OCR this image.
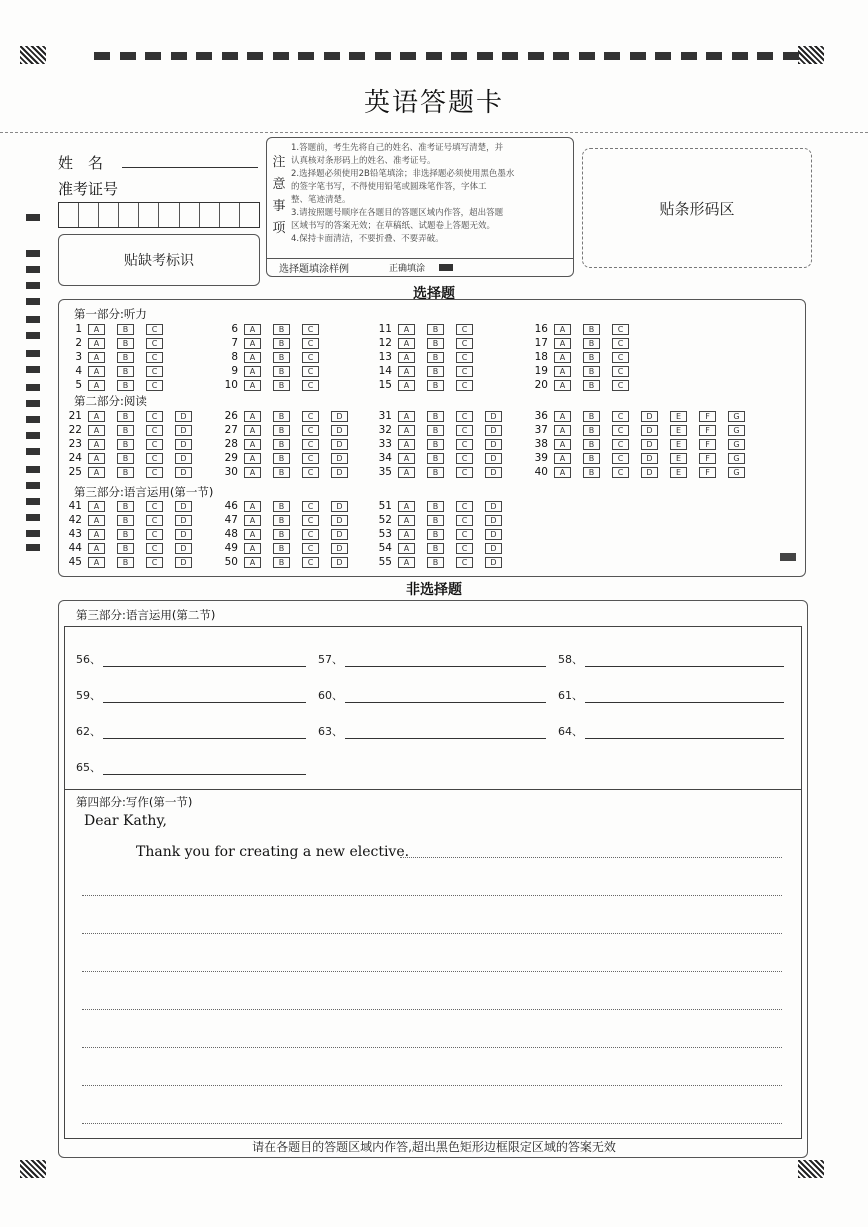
英语答题卡
姓　名
准考证号
贴缺考标识
注
意
事
项
1.答题前，考生先将自己的姓名、准考证号填写清楚，并
认真核对条形码上的姓名、准考证号。
2.选择题必须使用2B铅笔填涂；非选择题必须使用黑色墨水
的签字笔书写，不得使用铅笔或圆珠笔作答，字体工
整、笔迹清楚。
3.请按照题号顺序在各题目的答题区域内作答，超出答题
区域书写的答案无效；在草稿纸、试题卷上答题无效。
4.保持卡面清洁，不要折叠、不要弄破。
选择题填涂样例	正确填涂
贴条形码区
选择题
第一部分:听力
第二部分:阅读
第三部分:语言运用(第一节)
1	A	B	C
2	A	B	C
3	A	B	C
4	A	B	C
5	A	B	C
6	A	B	C
7	A	B	C
8	A	B	C
9	A	B	C
10	A	B	C
11	A	B	C
12	A	B	C
13	A	B	C
14	A	B	C
15	A	B	C
16	A	B	C
17	A	B	C
18	A	B	C
19	A	B	C
20	A	B	C
21	A	B	C	D
22	A	B	C	D
23	A	B	C	D
24	A	B	C	D
25	A	B	C	D
26	A	B	C	D
27	A	B	C	D
28	A	B	C	D
29	A	B	C	D
30	A	B	C	D
31	A	B	C	D
32	A	B	C	D
33	A	B	C	D
34	A	B	C	D
35	A	B	C	D
36	A	B	C	D	E	F	G
37	A	B	C	D	E	F	G
38	A	B	C	D	E	F	G
39	A	B	C	D	E	F	G
40	A	B	C	D	E	F	G
41	A	B	C	D
42	A	B	C	D
43	A	B	C	D
44	A	B	C	D
45	A	B	C	D
46	A	B	C	D
47	A	B	C	D
48	A	B	C	D
49	A	B	C	D
50	A	B	C	D
51	A	B	C	D
52	A	B	C	D
53	A	B	C	D
54	A	B	C	D
55	A	B	C	D
非选择题
第三部分:语言运用(第二节)
56、	57、	58、
59、	60、	61、
62、	63、	64、
65、
第四部分:写作(第一节)
Dear Kathy,
Thank you for creating a new elective.
请在各题目的答题区域内作答,超出黑色矩形边框限定区域的答案无效
